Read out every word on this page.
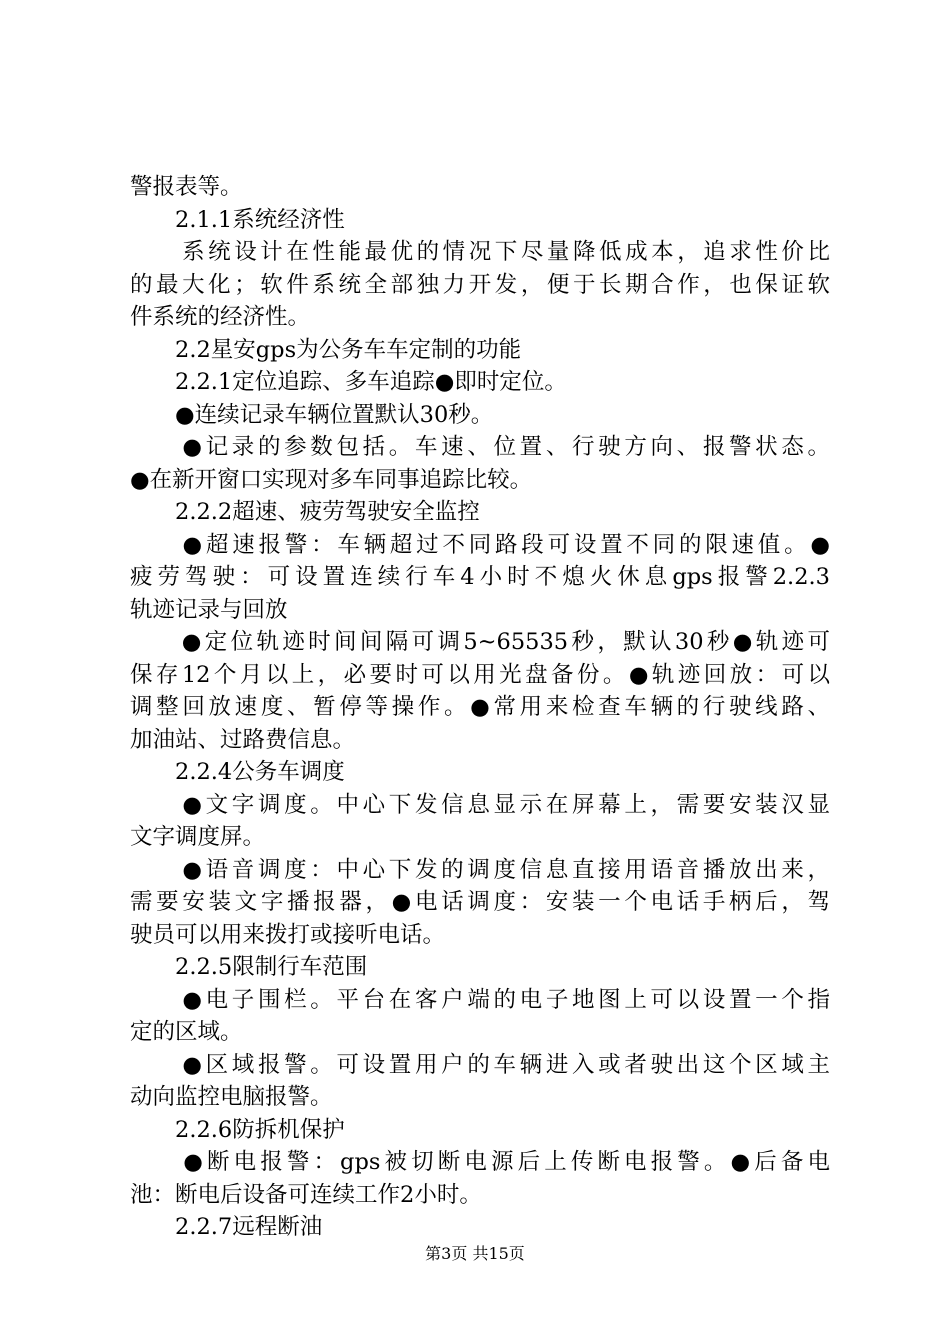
警报表等。
　　2.1.1系统经济性
　　系统设计在性能最优的情况下尽量降低成本，追求性价比
的最大化；软件系统全部独力开发，便于长期合作，也保证软
件系统的经济性。
　　2.2星安gps为公务车车定制的功能
　　2.2.1定位追踪、多车追踪●即时定位。
　　●连续记录车辆位置默认30秒。
　　●记录的参数包括。车速、位置、行驶方向、报警状态。
●在新开窗口实现对多车同事追踪比较。
　　2.2.2超速、疲劳驾驶安全监控
　　●超速报警：车辆超过不同路段可设置不同的限速值。●
疲劳驾驶：可设置连续行车4小时不熄火休息gps报警2.2.3
轨迹记录与回放
　　●定位轨迹时间间隔可调5~65535秒，默认30秒●轨迹可
保存12个月以上，必要时可以用光盘备份。●轨迹回放：可以
调整回放速度、暂停等操作。●常用来检查车辆的行驶线路、
加油站、过路费信息。
　　2.2.4公务车调度
　　●文字调度。中心下发信息显示在屏幕上，需要安装汉显
文字调度屏。
　　●语音调度：中心下发的调度信息直接用语音播放出来，
需要安装文字播报器，●电话调度：安装一个电话手柄后，驾
驶员可以用来拨打或接听电话。
　　2.2.5限制行车范围
　　●电子围栏。平台在客户端的电子地图上可以设置一个指
定的区域。
　　●区域报警。可设置用户的车辆进入或者驶出这个区域主
动向监控电脑报警。
　　2.2.6防拆机保护
　　●断电报警：gps被切断电源后上传断电报警。●后备电
池：断电后设备可连续工作2小时。
　　2.2.7远程断油
第3页 共15页
